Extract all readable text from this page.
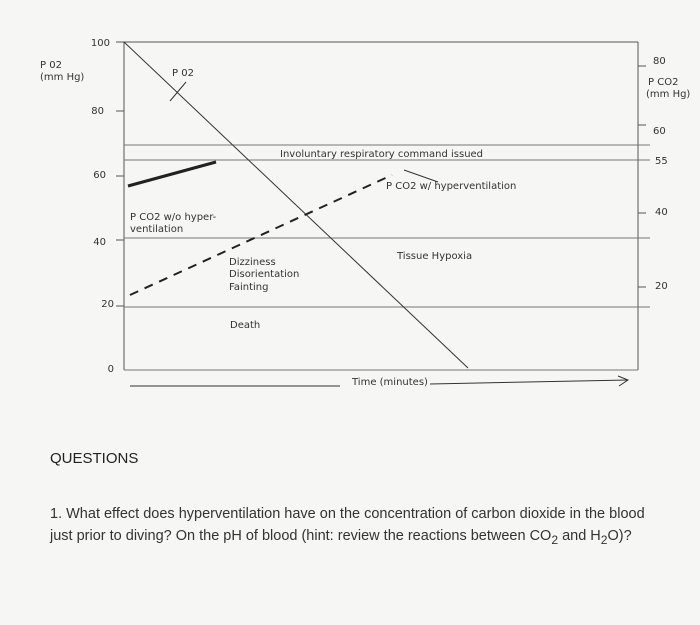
100
80
60
40
20
0
P 02
(mm Hg)
80
60
55
40
20
P CO2
(mm Hg)
P 02
P CO2 w/o hyper-
ventilation
P CO2 w/ hyperventilation
Involuntary respiratory command issued
Tissue Hypoxia
Dizziness
Disorientation
Fainting
Death
Time (minutes)
QUESTIONS

1. What effect does hyperventilation have on the concentration of carbon dioxide in the blood just prior to diving? On the pH of blood (hint: review the reactions between $CO_2$ and $H_2O$)?
